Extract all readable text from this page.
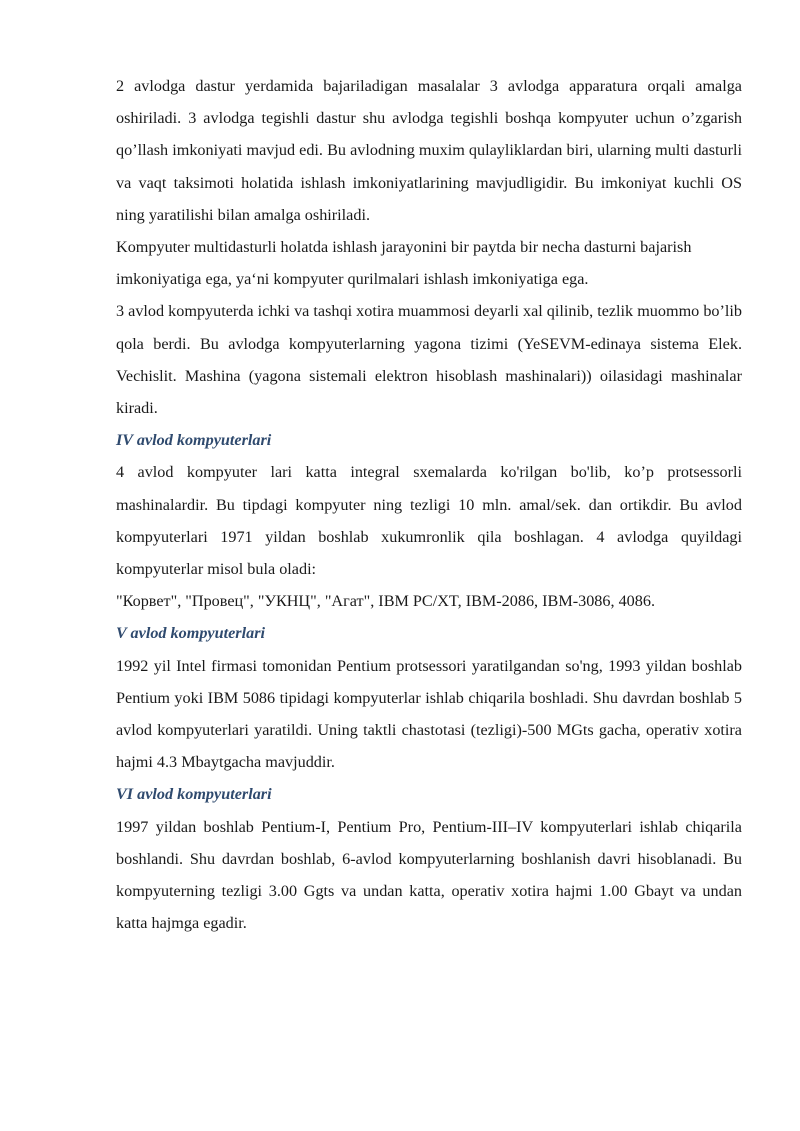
2 avlodga dastur yerdamida bajariladigan masalalar 3 avlodga apparatura orqali amalga oshiriladi. 3 avlodga tegishli dastur shu avlodga tegishli boshqa kompyuter uchun o’zgarish qo’llash imkoniyati mavjud edi. Bu avlodning muxim qulayliklardan biri, ularning multi dasturli va vaqt taksimoti holatida ishlash imkoniyatlarining mavjudligidir. Bu imkoniyat kuchli OS ning yaratilishi bilan amalga oshiriladi.

Kompyuter multidasturli holatda ishlash jarayonini bir paytda bir necha dasturni bajarish imkoniyatiga ega, ya‘ni kompyuter qurilmalari ishlash imkoniyatiga ega.

3 avlod kompyuterda ichki va tashqi xotira muammosi deyarli xal qilinib, tezlik muommo bo’lib qola berdi. Bu avlodga kompyuterlarning yagona tizimi (YeSEVM-edinaya sistema Elek. Vechislit. Mashina (yagona sistemali elektron hisoblash mashinalari)) oilasidagi mashinalar kiradi.

IV avlod kompyuterlari

4 avlod kompyuter lari katta integral sxemalarda ko'rilgan bo'lib, ko’p protsessorli mashinalardir. Bu tipdagi kompyuter ning tezligi 10 mln. amal/sek. dan ortikdir. Bu avlod kompyuterlari 1971 yildan boshlab xukumronlik qila boshlagan. 4 avlodga quyildagi kompyuterlar misol bula oladi:

"Корвет", "Провец", "УКНЦ", "Агат", IBM PC/XT, IBM-2086, IBM-3086, 4086.

V avlod kompyuterlari

1992 yil Intel firmasi tomonidan Pentium protsessori yaratilgandan so'ng, 1993 yildan boshlab Pentium yoki IBM 5086 tipidagi kompyuterlar ishlab chiqarila boshladi. Shu davrdan boshlab 5 avlod kompyuterlari yaratildi. Uning taktli chastotasi (tezligi)-500 MGts gacha, operativ xotira hajmi 4.3 Mbaytgacha mavjuddir.

VI avlod kompyuterlari

1997 yildan boshlab Pentium-I, Pentium Pro, Pentium-III–IV kompyuterlari ishlab chiqarila boshlandi. Shu davrdan boshlab, 6-avlod kompyuterlarning boshlanish davri hisoblanadi. Bu kompyuterning tezligi 3.00 Ggts va undan katta, operativ xotira hajmi 1.00 Gbayt va undan katta hajmga egadir.
